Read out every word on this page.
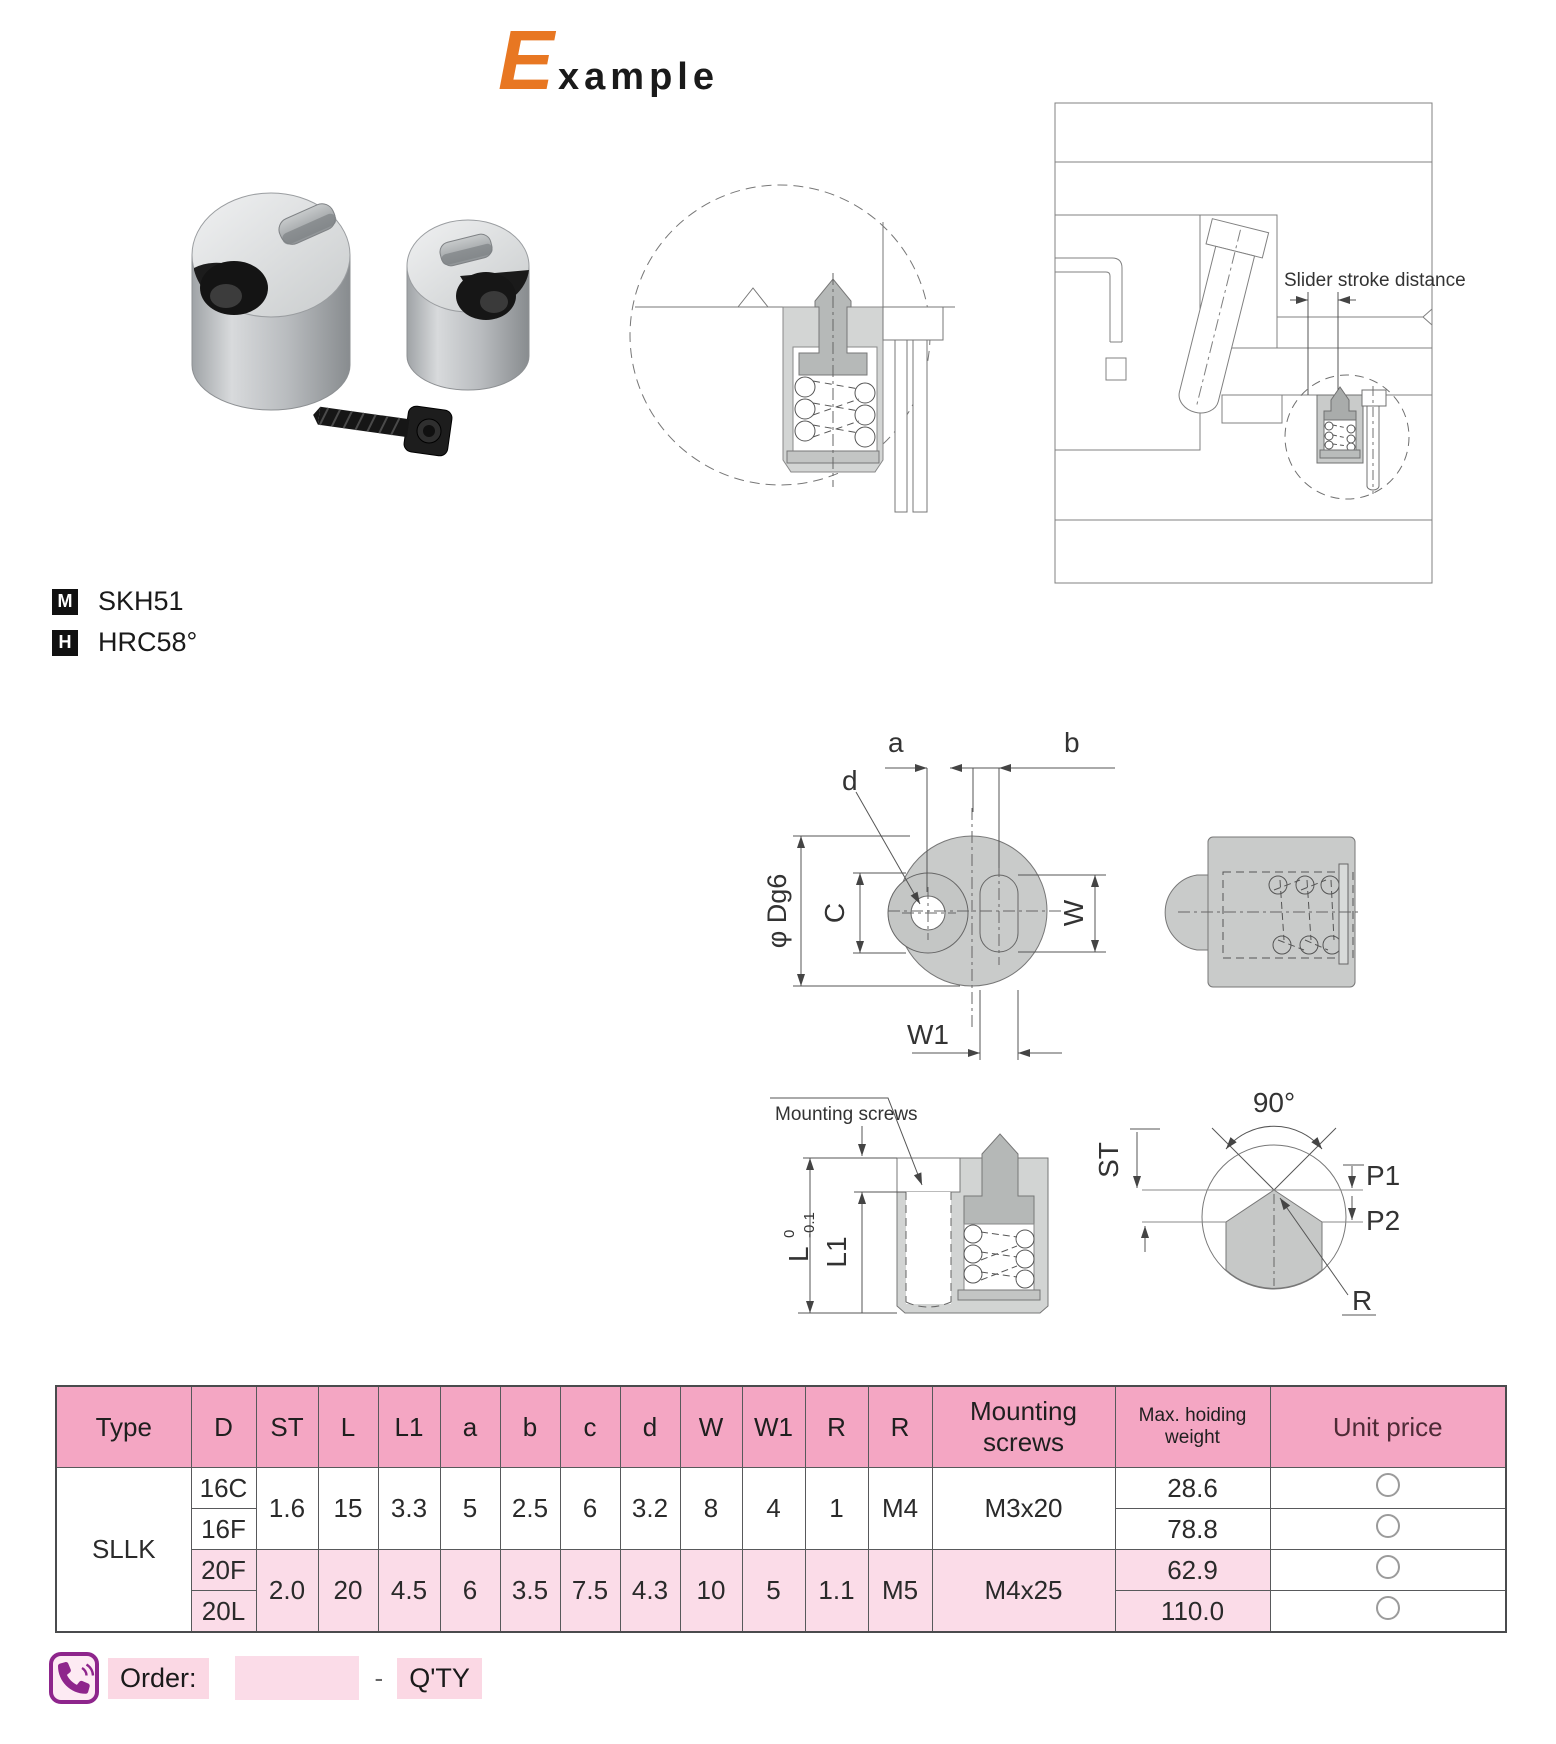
E xample
Slider stroke distance
M SKH51
H HRC58°
a	b
d
φ Dg6 C	W
W1
Mounting screws
L
0 -0.1
L1
90°
ST	P1
P2
R
Type	D	ST	L	L1	a	b	c	d	W	W1	R	R	Mounting screws	Max. hoiding weight	Unit price
SLLK	16C	1.6	15	3.3	5	2.5	6	3.2	8	4	1	M4	M3x20	28.6	
	16F													78.8	
	20F	2.0	20	4.5	6	3.5	7.5	4.3	10	5	1.1	M5	M4x25	62.9	
	20L													110.0	
Order:	- Q'TY
